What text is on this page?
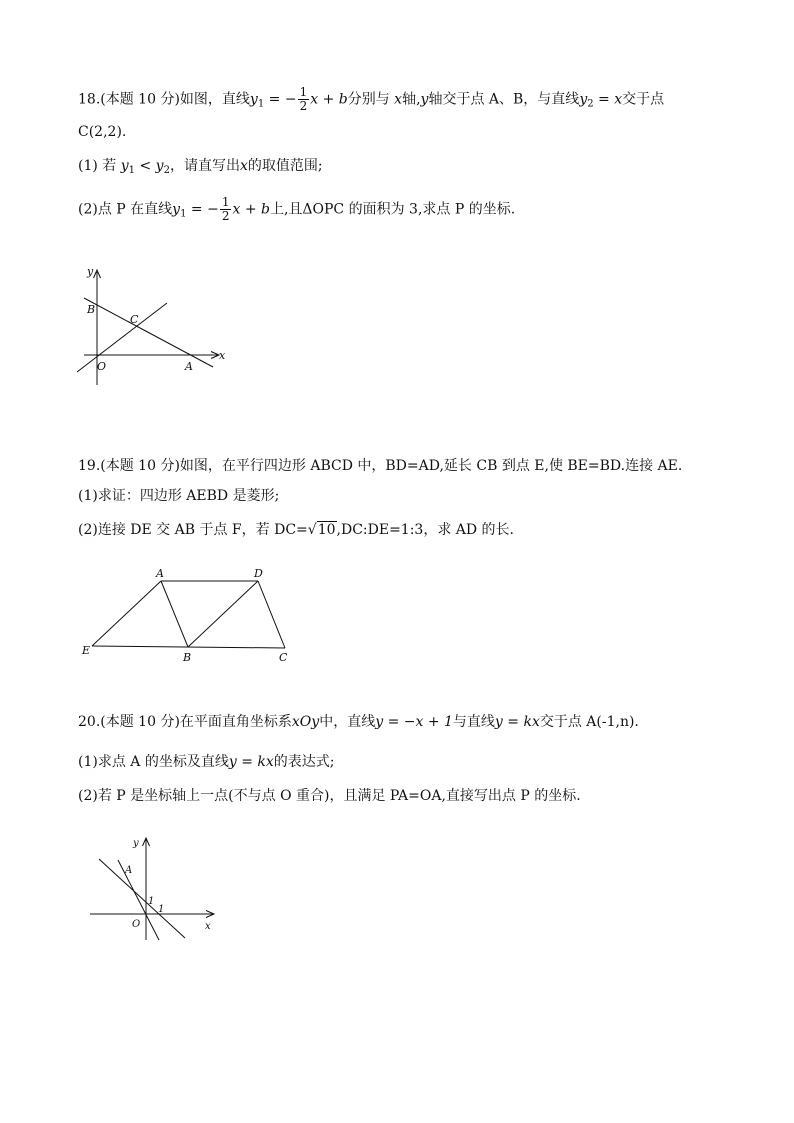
18.(本题 10 分)如图，直线$y_1$ = − $\frac{1}{2}$ x + b分别与 x轴,y轴交于点 A、B，与直线$y_2 = x$交于点
C(2,2).
(1) 若 $y_1 < y_2$，请直写出x的取值范围;
(2)点 P 在直线$y_1$ = − $\frac{1}{2}$ x + b上,且ΔOPC 的面积为 3,求点 P 的坐标.
y
x
B
C
O	A
19.(本题 10 分)如图，在平行四边形 ABCD 中，BD=AD,延长 CB 到点 E,使 BE=BD.连接 AE.
(1)求证：四边形 AEBD 是菱形;
(2)连接 DE 交 AB 于点 F，若 DC=√10,DC:DE=1:3，求 AD 的长.
A	D
E
B	C
20.(本题 10 分)在平面直角坐标系xOy中，直线y = −x + 1与直线y = kx交于点 A(-1,n).
(1)求点 A 的坐标及直线y = kx的表达式;
(2)若 P 是坐标轴上一点(不与点 O 重合)，且满足 PA=OA,直接写出点 P 的坐标.
y
x
A
1
1
O
